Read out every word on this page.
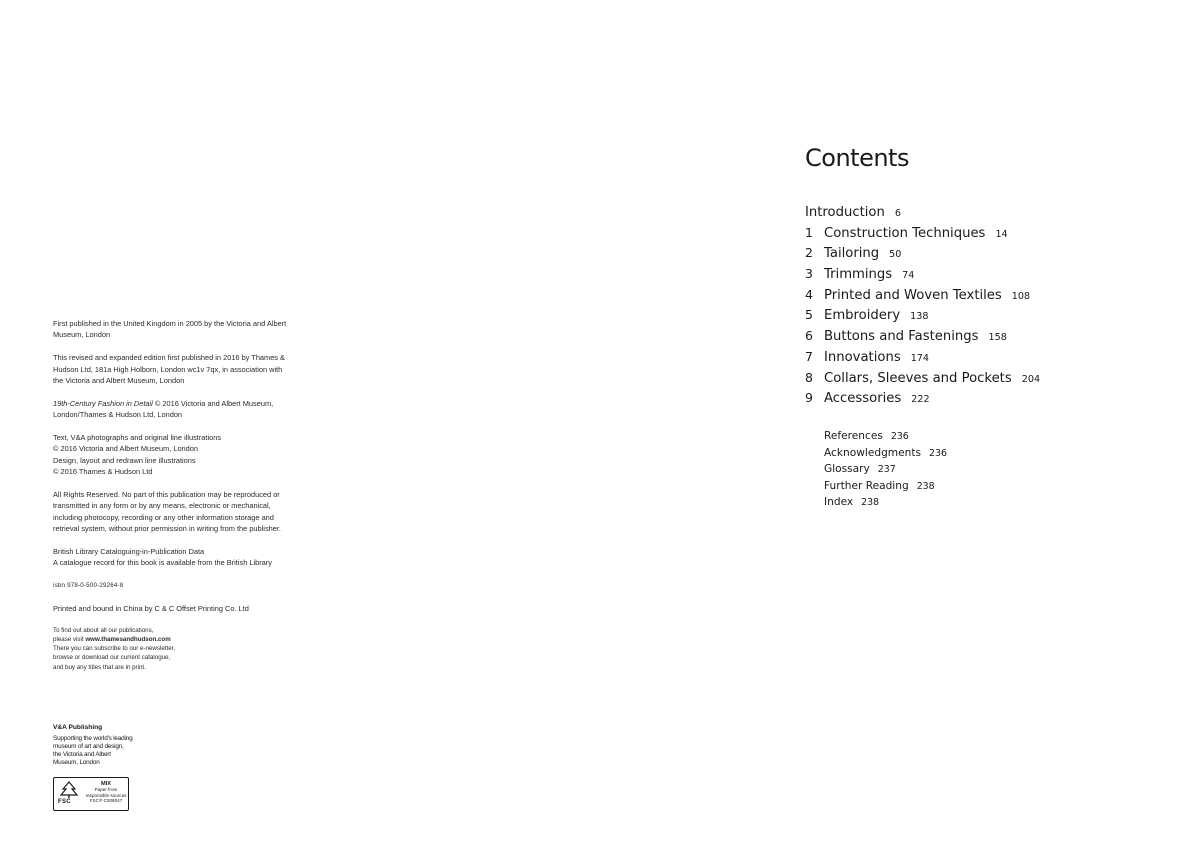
First published in the United Kingdom in 2005 by the Victoria and Albert Museum, London

This revised and expanded edition first published in 2016 by Thames & Hudson Ltd, 181a High Holborn, London wc1v 7qx, in association with the Victoria and Albert Museum, London

19th-Century Fashion in Detail © 2016 Victoria and Albert Museum, London/Thames & Hudson Ltd, London

Text, V&A photographs and original line illustrations
© 2016 Victoria and Albert Museum, London
Design, layout and redrawn line illustrations
© 2016 Thames & Hudson Ltd

All Rights Reserved. No part of this publication may be reproduced or transmitted in any form or by any means, electronic or mechanical, including photocopy, recording or any other information storage and retrieval system, without prior permission in writing from the publisher.

British Library Cataloguing-in-Publication Data
A catalogue record for this book is available from the British Library

isbn 978-0-500-29264-8

Printed and bound in China by C & C Offset Printing Co. Ltd

To find out about all our publications,
please visit www.thamesandhudson.com
There you can subscribe to our e-newsletter,
browse or download our current catalogue,
and buy any titles that are in print.

V&A Publishing
Supporting the world's leading
museum of art and design,
the Victoria and Albert
Museum, London
FSC
MIX
Paper from
responsible sources
FSC® C008047
Contents
Introduction 6
1 Construction Techniques 14
2 Tailoring 50
3 Trimmings 74
4 Printed and Woven Textiles 108
5 Embroidery 138
6 Buttons and Fastenings 158
7 Innovations 174
8 Collars, Sleeves and Pockets 204
9 Accessories 222
References 236
Acknowledgments 236
Glossary 237
Further Reading 238
Index 238
